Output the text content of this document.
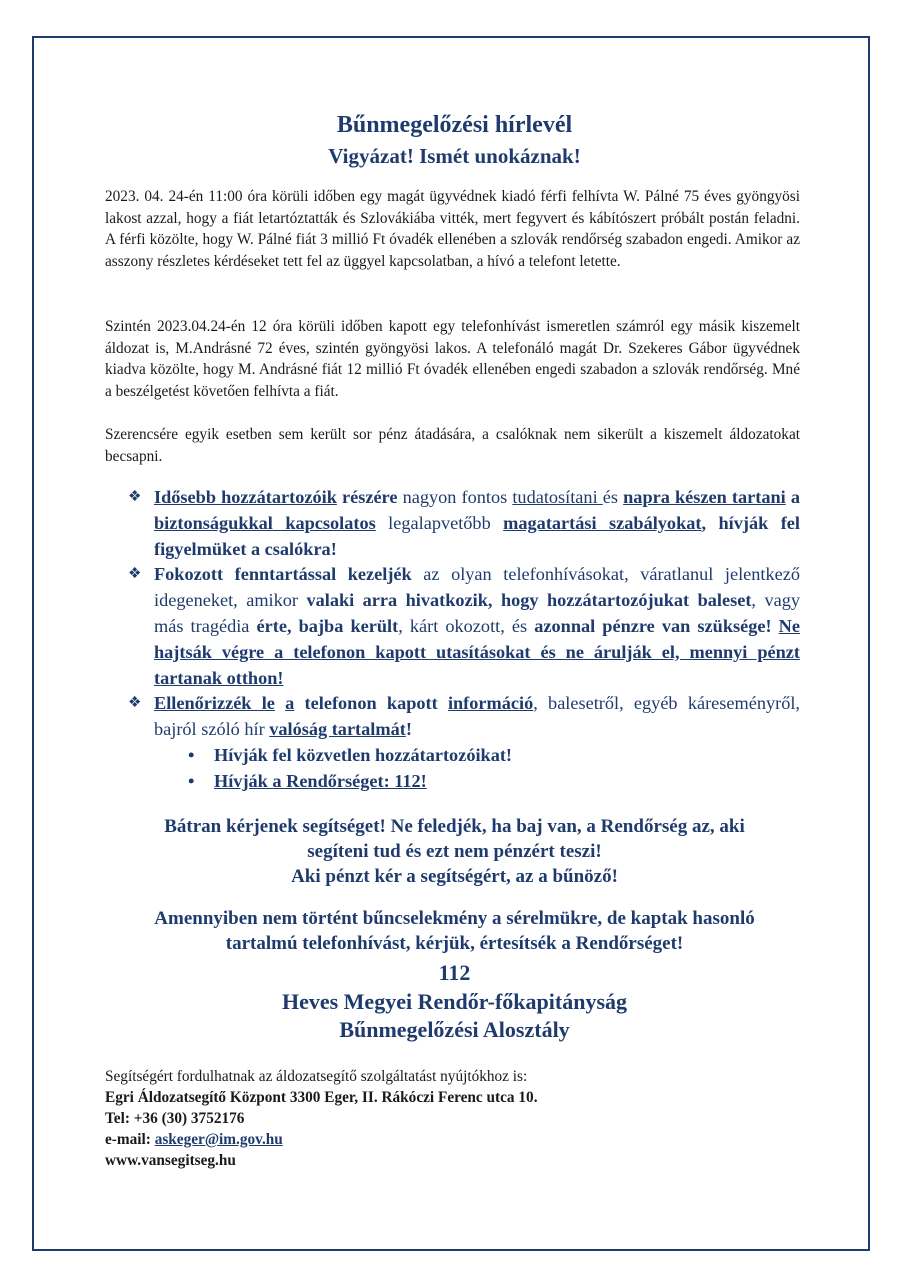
Bűnmegelőzési hírlevél
Vigyázat! Ismét unokáznak!
2023. 04. 24-én 11:00 óra körüli időben egy magát ügyvédnek kiadó férfi felhívta W. Pálné 75 éves gyöngyösi lakost azzal, hogy a fiát letartóztatták és Szlovákiába vitték, mert fegyvert és kábítószert próbált postán feladni. A férfi közölte, hogy W. Pálné fiát 3 millió Ft óvadék ellenében a szlovák rendőrség szabadon engedi. Amikor az asszony részletes kérdéseket tett fel az üggyel kapcsolatban, a hívó a telefont letette.
Szintén 2023.04.24-én 12 óra körüli időben kapott egy telefonhívást ismeretlen számról egy másik kiszemelt áldozat is, M.Andrásné 72 éves, szintén gyöngyösi lakos. A telefonáló magát Dr. Szekeres Gábor ügyvédnek kiadva közölte, hogy M. Andrásné fiát 12 millió Ft óvadék ellenében engedi szabadon a szlovák rendőrség. Mné a beszélgetést követően felhívta a fiát.
Szerencsére egyik esetben sem került sor pénz átadására, a csalóknak nem sikerült a kiszemelt áldozatokat becsapni.
❖ Idősebb hozzátartozóik részére nagyon fontos tudatosítani és napra készen tartani a biztonságukkal kapcsolatos legalapvetőbb magatartási szabályokat, hívják fel figyelmüket a csalókra!
❖ Fokozott fenntartással kezeljék az olyan telefonhívásokat, váratlanul jelentkező idegeneket, amikor valaki arra hivatkozik, hogy hozzátartozójukat baleset, vagy más tragédia érte, bajba került, kárt okozott, és azonnal pénzre van szüksége! Ne hajtsák végre a telefonon kapott utasításokat és ne árulják el, mennyi pénzt tartanak otthon!
❖ Ellenőrizzék le a telefonon kapott információ, balesetről, egyéb káreseményről, bajról szóló hír valóság tartalmát!
• Hívják fel közvetlen hozzátartozóikat!
• Hívják a Rendőrséget: 112!
Bátran kérjenek segítséget! Ne feledjék, ha baj van, a Rendőrség az, aki
segíteni tud és ezt nem pénzért teszi!
Aki pénzt kér a segítségért, az a bűnöző!
Amennyiben nem történt bűncselekmény a sérelmükre, de kaptak hasonló
tartalmú telefonhívást, kérjük, értesítsék a Rendőrséget!
112
Heves Megyei Rendőr-főkapitányság
Bűnmegelőzési Alosztály
Segítségért fordulhatnak az áldozatsegítő szolgáltatást nyújtókhoz is:
Egri Áldozatsegítő Központ 3300 Eger, II. Rákóczi Ferenc utca 10.
Tel: +36 (30) 3752176
e-mail: askeger@im.gov.hu
www.vansegitseg.hu
